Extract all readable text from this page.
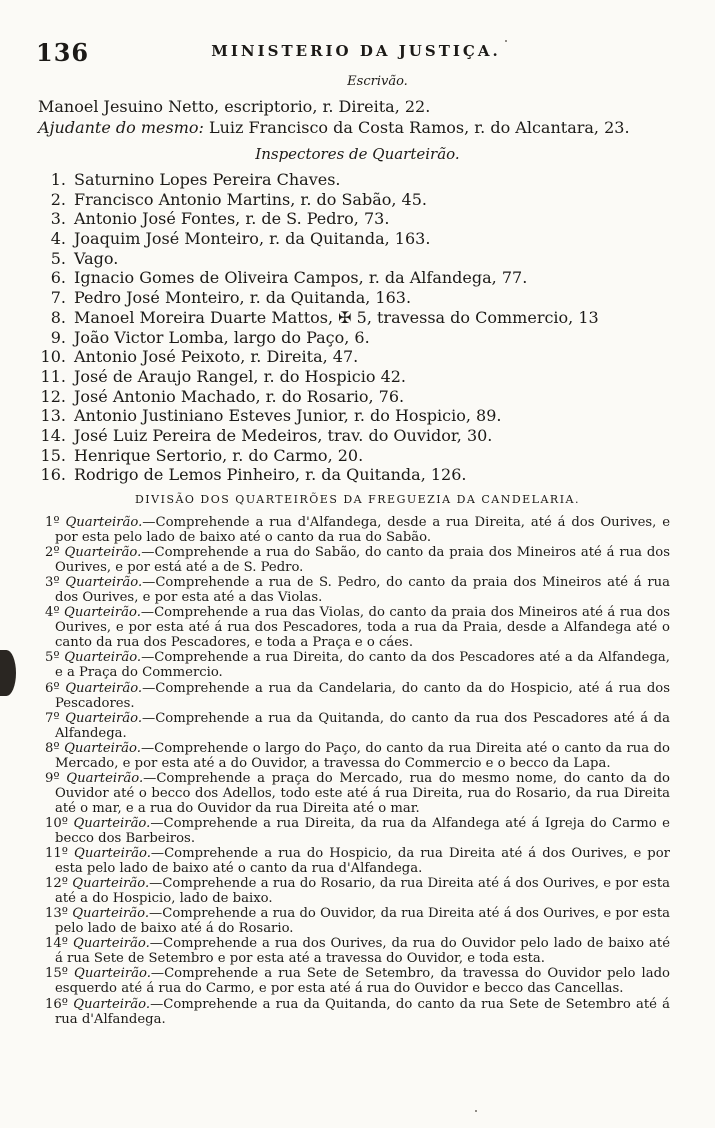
136	MINISTERIO DA JUSTIÇA.
Escrivão.
Manoel Jesuino Netto, escriptorio, r. Direita, 22.
Ajudante do mesmo: Luiz Francisco da Costa Ramos, r. do Alcantara, 23.
Inspectores de Quarteirão.
1. Saturnino Lopes Pereira Chaves.
2. Francisco Antonio Martins, r. do Sabão, 45.
3. Antonio José Fontes, r. de S. Pedro, 73.
4. Joaquim José Monteiro, r. da Quitanda, 163.
5. Vago.
6. Ignacio Gomes de Oliveira Campos, r. da Alfandega, 77.
7. Pedro José Monteiro, r. da Quitanda, 163.
8. Manoel Moreira Duarte Mattos, ✠ 5, travessa do Commercio, 13
9. João Victor Lomba, largo do Paço, 6.
10. Antonio José Peixoto, r. Direita, 47.
11. José de Araujo Rangel, r. do Hospicio 42.
12. José Antonio Machado, r. do Rosario, 76.
13. Antonio Justiniano Esteves Junior, r. do Hospicio, 89.
14. José Luiz Pereira de Medeiros, trav. do Ouvidor, 30.
15. Henrique Sertorio, r. do Carmo, 20.
16. Rodrigo de Lemos Pinheiro, r. da Quitanda, 126.
DIVISÃO DOS QUARTEIRÕES DA FREGUEZIA DA CANDELARIA.

1º Quarteirão.—Comprehende a rua d'Alfandega, desde a rua Direita, até á dos Ourives, e por esta pelo lado de baixo até o canto da rua do Sabão.

2º Quarteirão.—Comprehende a rua do Sabão, do canto da praia dos Mineiros até á rua dos Ourives, e por está até a de S. Pedro.

3º Quarteirão.—Comprehende a rua de S. Pedro, do canto da praia dos Mineiros até á rua dos Ourives, e por esta até a das Violas.

4º Quarteirão.—Comprehende a rua das Violas, do canto da praia dos Mineiros até á rua dos Ourives, e por esta até á rua dos Pescadores, toda a rua da Praia, desde a Alfandega até o canto da rua dos Pescadores, e toda a Praça e o cáes.

5º Quarteirão.—Comprehende a rua Direita, do canto da dos Pescadores até a da Alfandega, e a Praça do Commercio.

6º Quarteirão.—Comprehende a rua da Candelaria, do canto da do Hospicio, até á rua dos Pescadores.

7º Quarteirão.—Comprehende a rua da Quitanda, do canto da rua dos Pescadores até á da Alfandega.

8º Quarteirão.—Comprehende o largo do Paço, do canto da rua Direita até o canto da rua do Mercado, e por esta até a do Ouvidor, a travessa do Commercio e o becco da Lapa.

9º Quarteirão.—Comprehende a praça do Mercado, rua do mesmo nome, do canto da do Ouvidor até o becco dos Adellos, todo este até á rua Direita, rua do Rosario, da rua Direita até o mar, e a rua do Ouvidor da rua Direita até o mar.

10º Quarteirão.—Comprehende a rua Direita, da rua da Alfandega até á Igreja do Carmo e becco dos Barbeiros.

11º Quarteirão.—Comprehende a rua do Hospicio, da rua Direita até á dos Ourives, e por esta pelo lado de baixo até o canto da rua d'Alfandega.

12º Quarteirão.—Comprehende a rua do Rosario, da rua Direita até á dos Ourives, e por esta até a do Hospicio, lado de baixo.

13º Quarteirão.—Comprehende a rua do Ouvidor, da rua Direita até á dos Ourives, e por esta pelo lado de baixo até á do Rosario.

14º Quarteirão.—Comprehende a rua dos Ourives, da rua do Ouvidor pelo lado de baixo até á rua Sete de Setembro e por esta até a travessa do Ouvidor, e toda esta.

15º Quarteirão.—Comprehende a rua Sete de Setembro, da travessa do Ouvidor pelo lado esquerdo até á rua do Carmo, e por esta até á rua do Ouvidor e becco das Cancellas.

16º Quarteirão.—Comprehende a rua da Quitanda, do canto da rua Sete de Setembro até á rua d'Alfandega.
